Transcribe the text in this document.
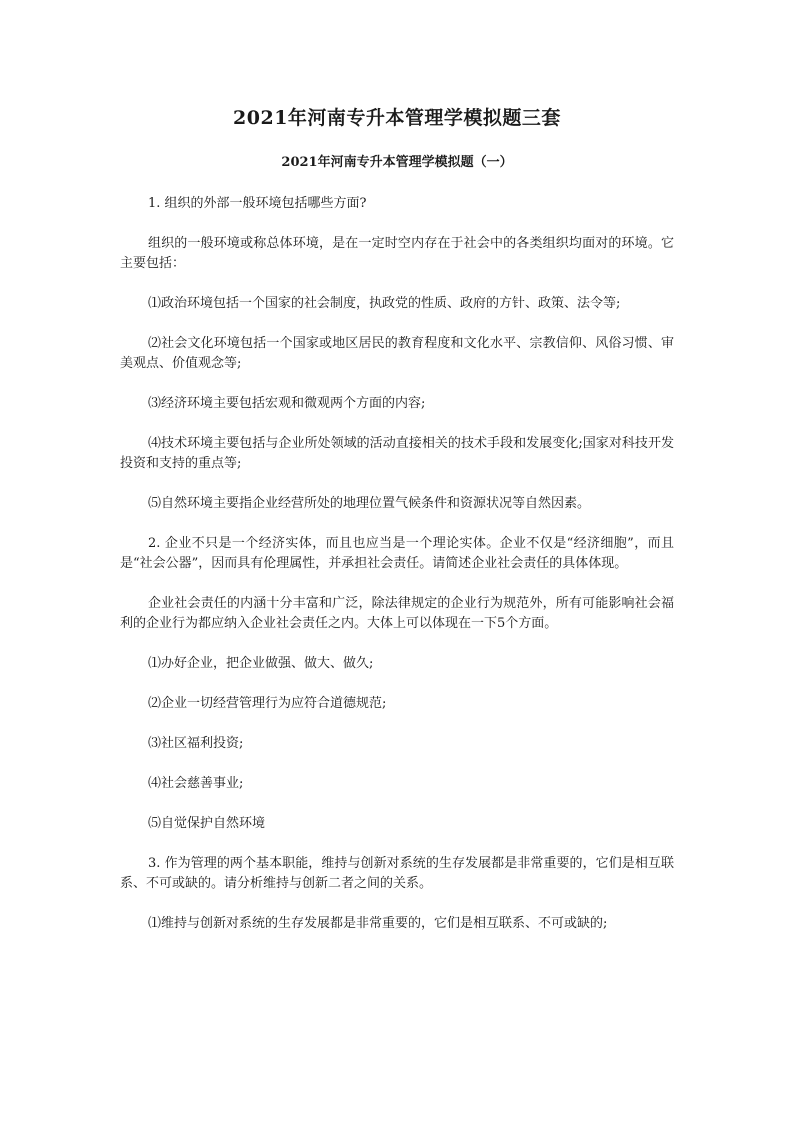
2021年河南专升本管理学模拟题三套
2021年河南专升本管理学模拟题（一）

1. 组织的外部一般环境包括哪些方面?

组织的一般环境或称总体环境，是在一定时空内存在于社会中的各类组织均面对的环境。它主要包括：

⑴政治环境包括一个国家的社会制度，执政党的性质、政府的方针、政策、法令等;

⑵社会文化环境包括一个国家或地区居民的教育程度和文化水平、宗教信仰、风俗习惯、审美观点、价值观念等;

⑶经济环境主要包括宏观和微观两个方面的内容;

⑷技术环境主要包括与企业所处领域的活动直接相关的技术手段和发展变化;国家对科技开发投资和支持的重点等;

⑸自然环境主要指企业经营所处的地理位置气候条件和资源状况等自然因素。

2. 企业不只是一个经济实体，而且也应当是一个理论实体。企业不仅是“经济细胞”，而且是“社会公器”，因而具有伦理属性，并承担社会责任。请简述企业社会责任的具体体现。

企业社会责任的内涵十分丰富和广泛，除法律规定的企业行为规范外，所有可能影响社会福利的企业行为都应纳入企业社会责任之内。大体上可以体现在一下5个方面。

⑴办好企业，把企业做强、做大、做久;

⑵企业一切经营管理行为应符合道德规范;

⑶社区福利投资;

⑷社会慈善事业;

⑸自觉保护自然环境

3. 作为管理的两个基本职能，维持与创新对系统的生存发展都是非常重要的，它们是相互联系、不可或缺的。请分析维持与创新二者之间的关系。

⑴维持与创新对系统的生存发展都是非常重要的，它们是相互联系、不可或缺的;
